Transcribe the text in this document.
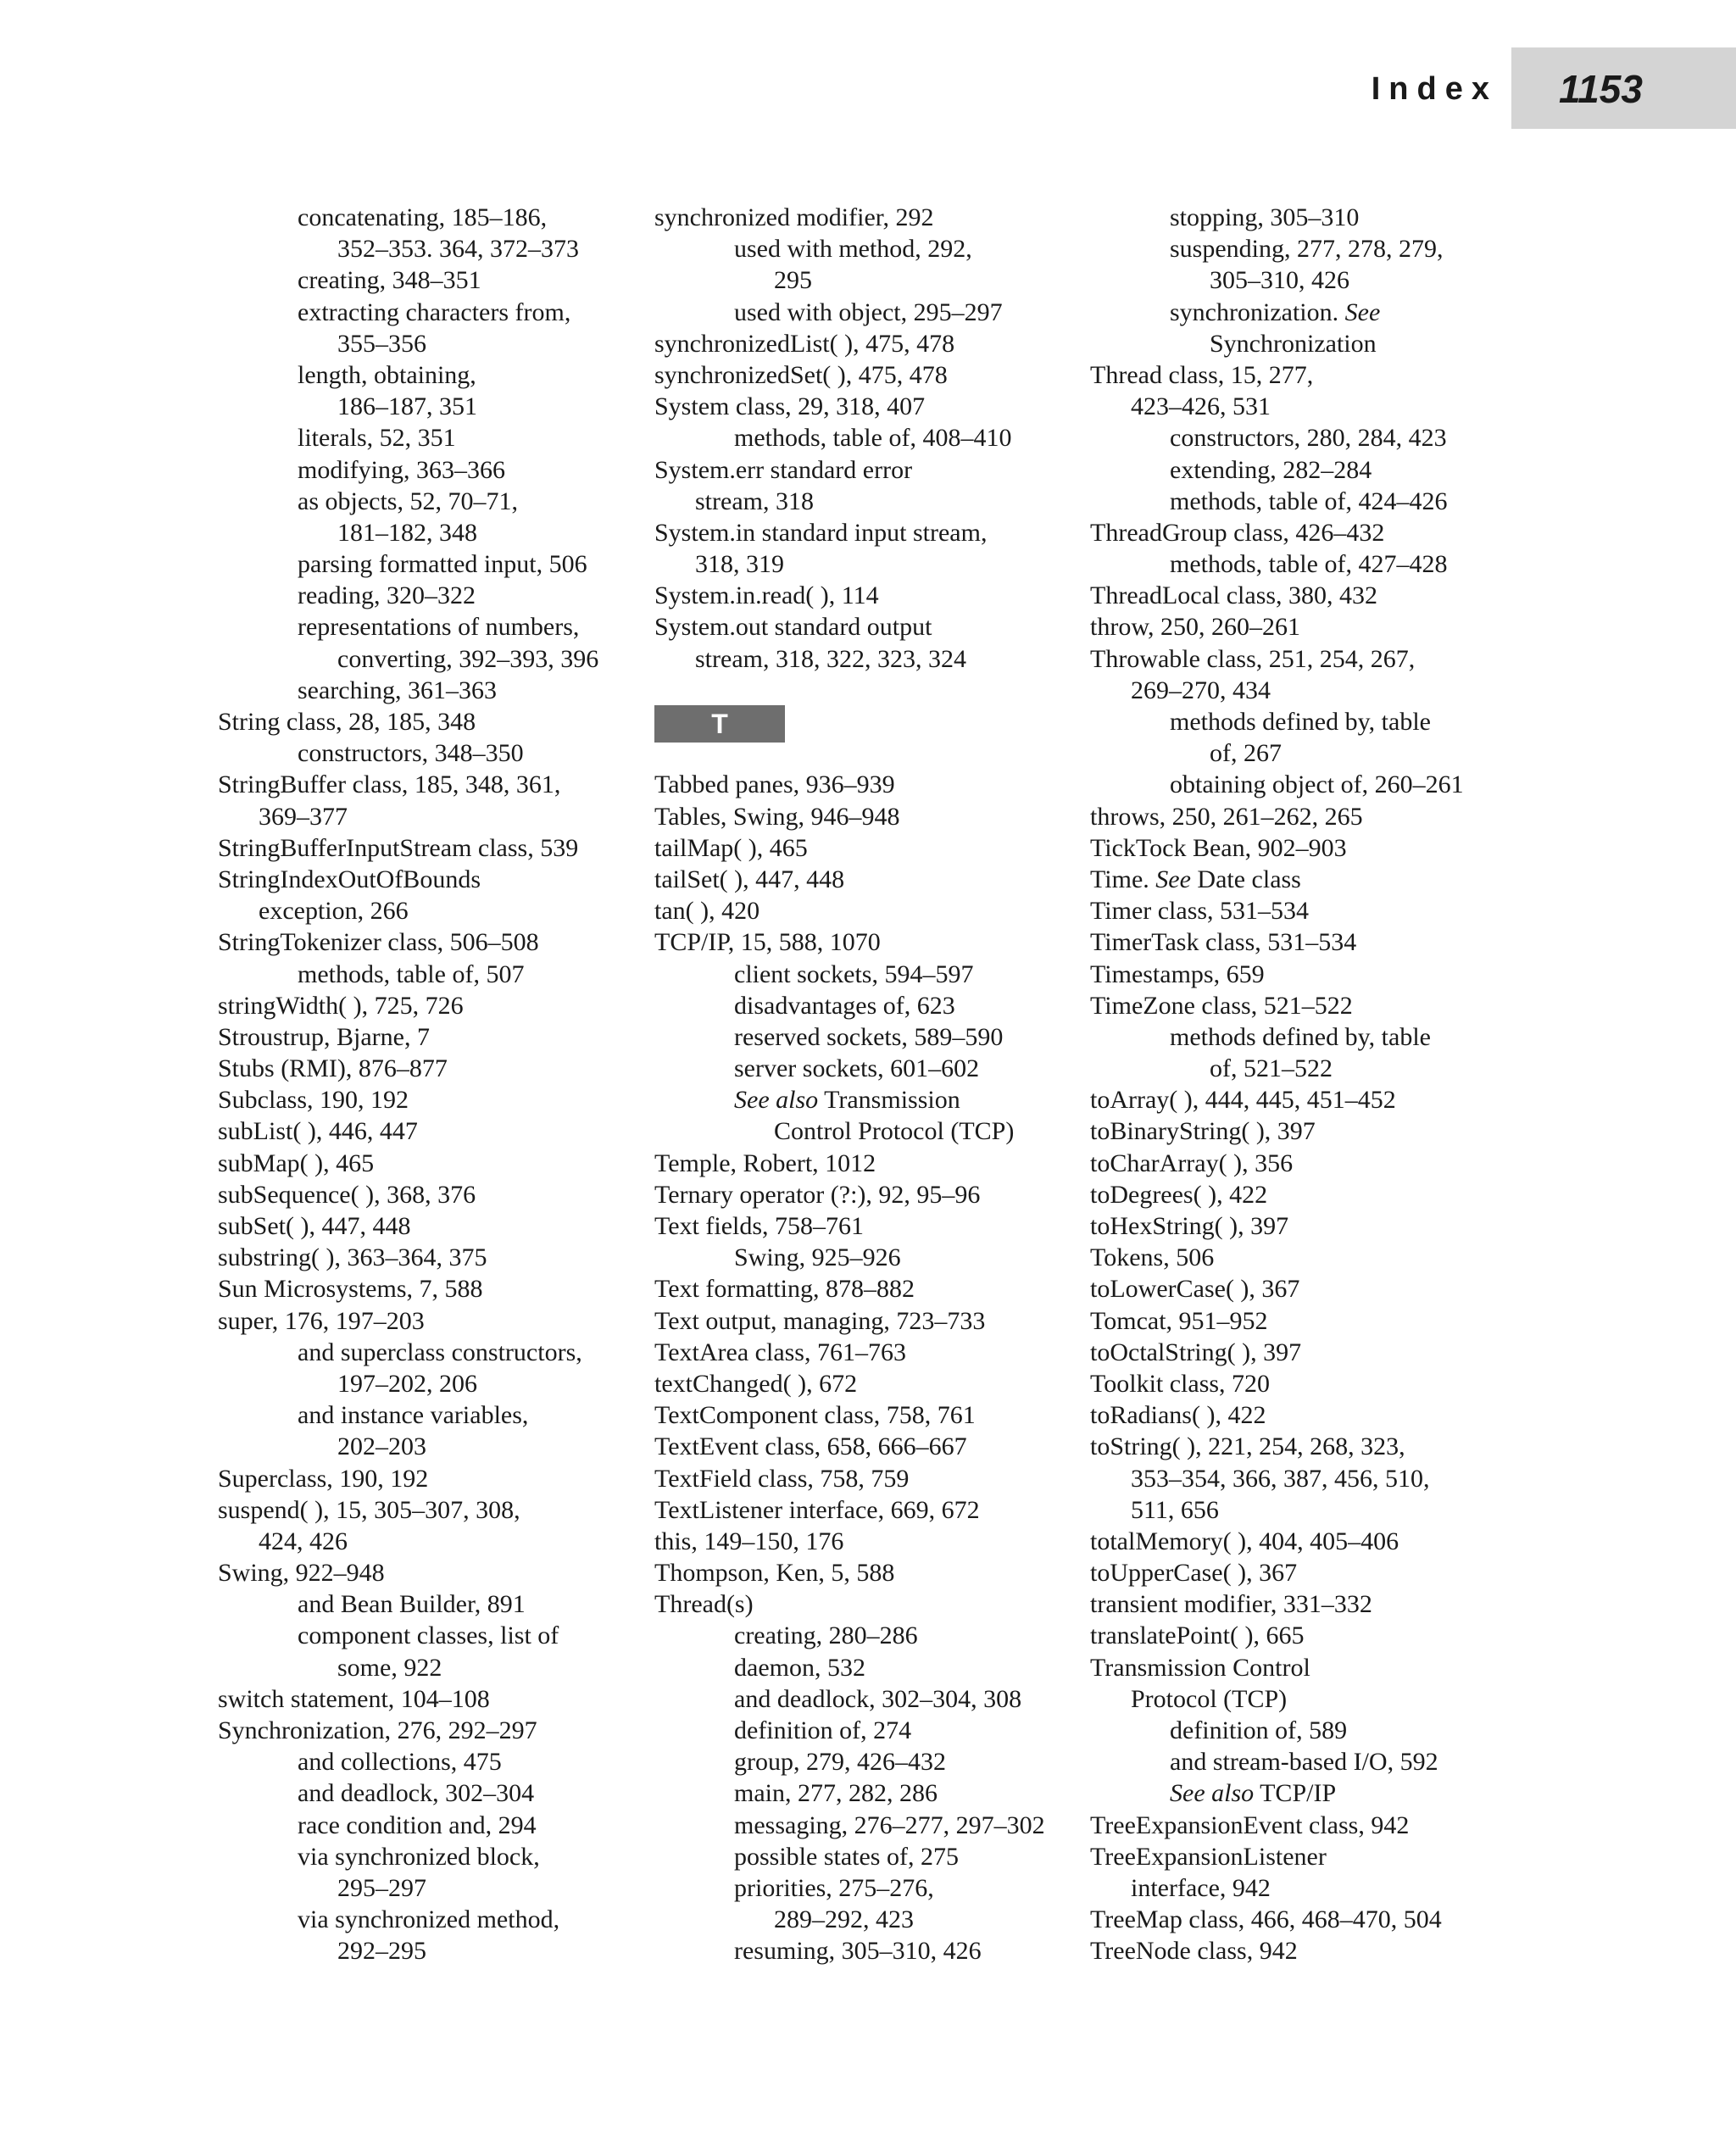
Index 1153
concatenating, 185–186,
352–353. 364, 372–373
creating, 348–351
extracting characters from,
355–356
length, obtaining,
186–187, 351
literals, 52, 351
modifying, 363–366
as objects, 52, 70–71,
181–182, 348
parsing formatted input, 506
reading, 320–322
representations of numbers,
converting, 392–393, 396
searching, 361–363
String class, 28, 185, 348
constructors, 348–350
StringBuffer class, 185, 348, 361,
369–377
StringBufferInputStream class, 539
StringIndexOutOfBounds
exception, 266
StringTokenizer class, 506–508
methods, table of, 507
stringWidth( ), 725, 726
Stroustrup, Bjarne, 7
Stubs (RMI), 876–877
Subclass, 190, 192
subList( ), 446, 447
subMap( ), 465
subSequence( ), 368, 376
subSet( ), 447, 448
substring( ), 363–364, 375
Sun Microsystems, 7, 588
super, 176, 197–203
and superclass constructors,
197–202, 206
and instance variables,
202–203
Superclass, 190, 192
suspend( ), 15, 305–307, 308,
424, 426
Swing, 922–948
and Bean Builder, 891
component classes, list of
some, 922
switch statement, 104–108
Synchronization, 276, 292–297
and collections, 475
and deadlock, 302–304
race condition and, 294
via synchronized block,
295–297
via synchronized method,
292–295
synchronized modifier, 292
used with method, 292,
295
used with object, 295–297
synchronizedList( ), 475, 478
synchronizedSet( ), 475, 478
System class, 29, 318, 407
methods, table of, 408–410
System.err standard error
stream, 318
System.in standard input stream,
318, 319
System.in.read( ), 114
System.out standard output
stream, 318, 322, 323, 324
T
Tabbed panes, 936–939
Tables, Swing, 946–948
tailMap( ), 465
tailSet( ), 447, 448
tan( ), 420
TCP/IP, 15, 588, 1070
client sockets, 594–597
disadvantages of, 623
reserved sockets, 589–590
server sockets, 601–602
See also Transmission
Control Protocol (TCP)
Temple, Robert, 1012
Ternary operator (?:), 92, 95–96
Text fields, 758–761
Swing, 925–926
Text formatting, 878–882
Text output, managing, 723–733
TextArea class, 761–763
textChanged( ), 672
TextComponent class, 758, 761
TextEvent class, 658, 666–667
TextField class, 758, 759
TextListener interface, 669, 672
this, 149–150, 176
Thompson, Ken, 5, 588
Thread(s)
creating, 280–286
daemon, 532
and deadlock, 302–304, 308
definition of, 274
group, 279, 426–432
main, 277, 282, 286
messaging, 276–277, 297–302
possible states of, 275
priorities, 275–276,
289–292, 423
resuming, 305–310, 426
stopping, 305–310
suspending, 277, 278, 279,
305–310, 426
synchronization. See
Synchronization
Thread class, 15, 277,
423–426, 531
constructors, 280, 284, 423
extending, 282–284
methods, table of, 424–426
ThreadGroup class, 426–432
methods, table of, 427–428
ThreadLocal class, 380, 432
throw, 250, 260–261
Throwable class, 251, 254, 267,
269–270, 434
methods defined by, table
of, 267
obtaining object of, 260–261
throws, 250, 261–262, 265
TickTock Bean, 902–903
Time. See Date class
Timer class, 531–534
TimerTask class, 531–534
Timestamps, 659
TimeZone class, 521–522
methods defined by, table
of, 521–522
toArray( ), 444, 445, 451–452
toBinaryString( ), 397
toCharArray( ), 356
toDegrees( ), 422
toHexString( ), 397
Tokens, 506
toLowerCase( ), 367
Tomcat, 951–952
toOctalString( ), 397
Toolkit class, 720
toRadians( ), 422
toString( ), 221, 254, 268, 323,
353–354, 366, 387, 456, 510,
511, 656
totalMemory( ), 404, 405–406
toUpperCase( ), 367
transient modifier, 331–332
translatePoint( ), 665
Transmission Control
Protocol (TCP)
definition of, 589
and stream-based I/O, 592
See also TCP/IP
TreeExpansionEvent class, 942
TreeExpansionListener
interface, 942
TreeMap class, 466, 468–470, 504
TreeNode class, 942
